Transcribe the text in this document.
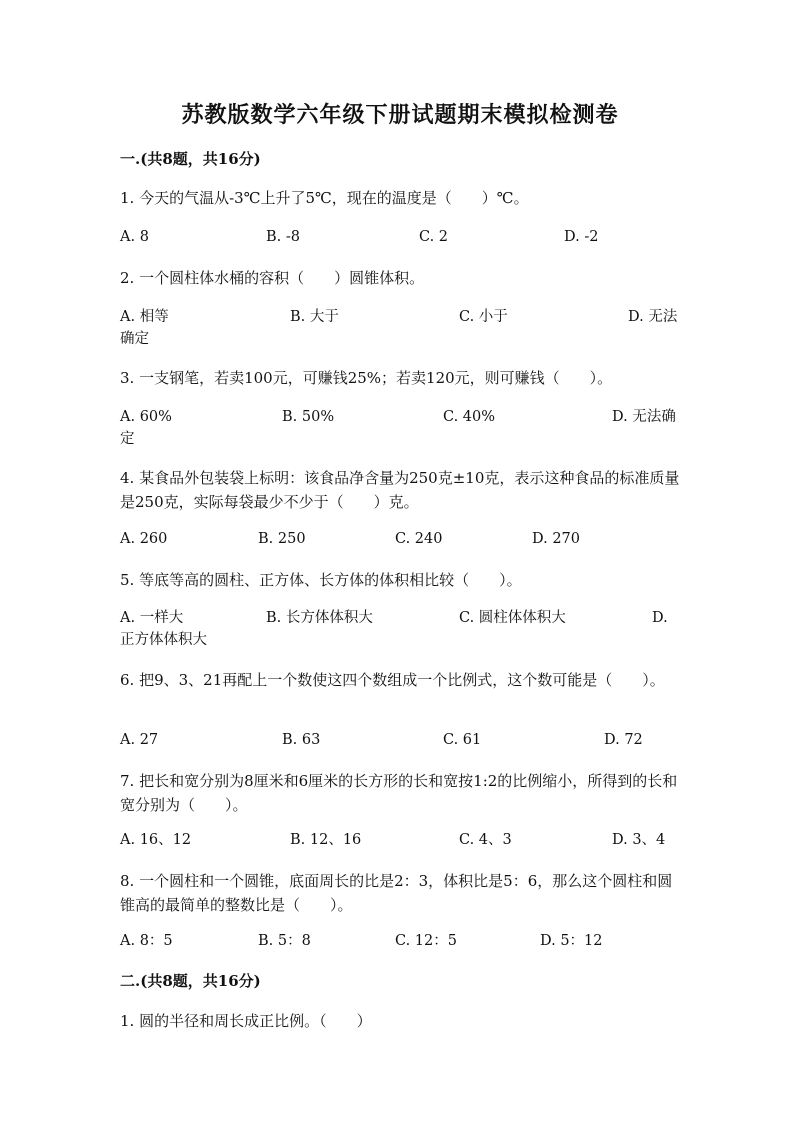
苏教版数学六年级下册试题期末模拟检测卷
一.(共8题，共16分)
1. 今天的气温从-3℃上升了5℃，现在的温度是（　　）℃。
A. 8	B. -8	C. 2	D. -2
2. 一个圆柱体水桶的容积（　　）圆锥体积。
A. 相等	B. 大于	C. 小于	D. 无法
确定
3. 一支钢笔，若卖100元，可赚钱25%；若卖120元，则可赚钱（　　）。
A. 60%	B. 50%	C. 40%	D. 无法确
定
4. 某食品外包装袋上标明：该食品净含量为250克±10克，表示这种食品的标准质量是250克，实际每袋最少不少于（　　）克。
A. 260	B. 250	C. 240	D. 270
5. 等底等高的圆柱、正方体、长方体的体积相比较（　　）。
A. 一样大	B. 长方体体积大	C. 圆柱体体积大	D.
正方体体积大
6. 把9、3、21再配上一个数使这四个数组成一个比例式，这个数可能是（　　）。
A. 27	B. 63	C. 61	D. 72
7. 把长和宽分别为8厘米和6厘米的长方形的长和宽按1:2的比例缩小，所得到的长和宽分别为（　　）。
A. 16、12	B. 12、16	C. 4、3	D. 3、4
8. 一个圆柱和一个圆锥，底面周长的比是2：3，体积比是5：6，那么这个圆柱和圆锥高的最简单的整数比是（　　）。
A. 8：5	B. 5：8	C. 12：5	D. 5：12
二.(共8题，共16分)
1. 圆的半径和周长成正比例。（　　）
